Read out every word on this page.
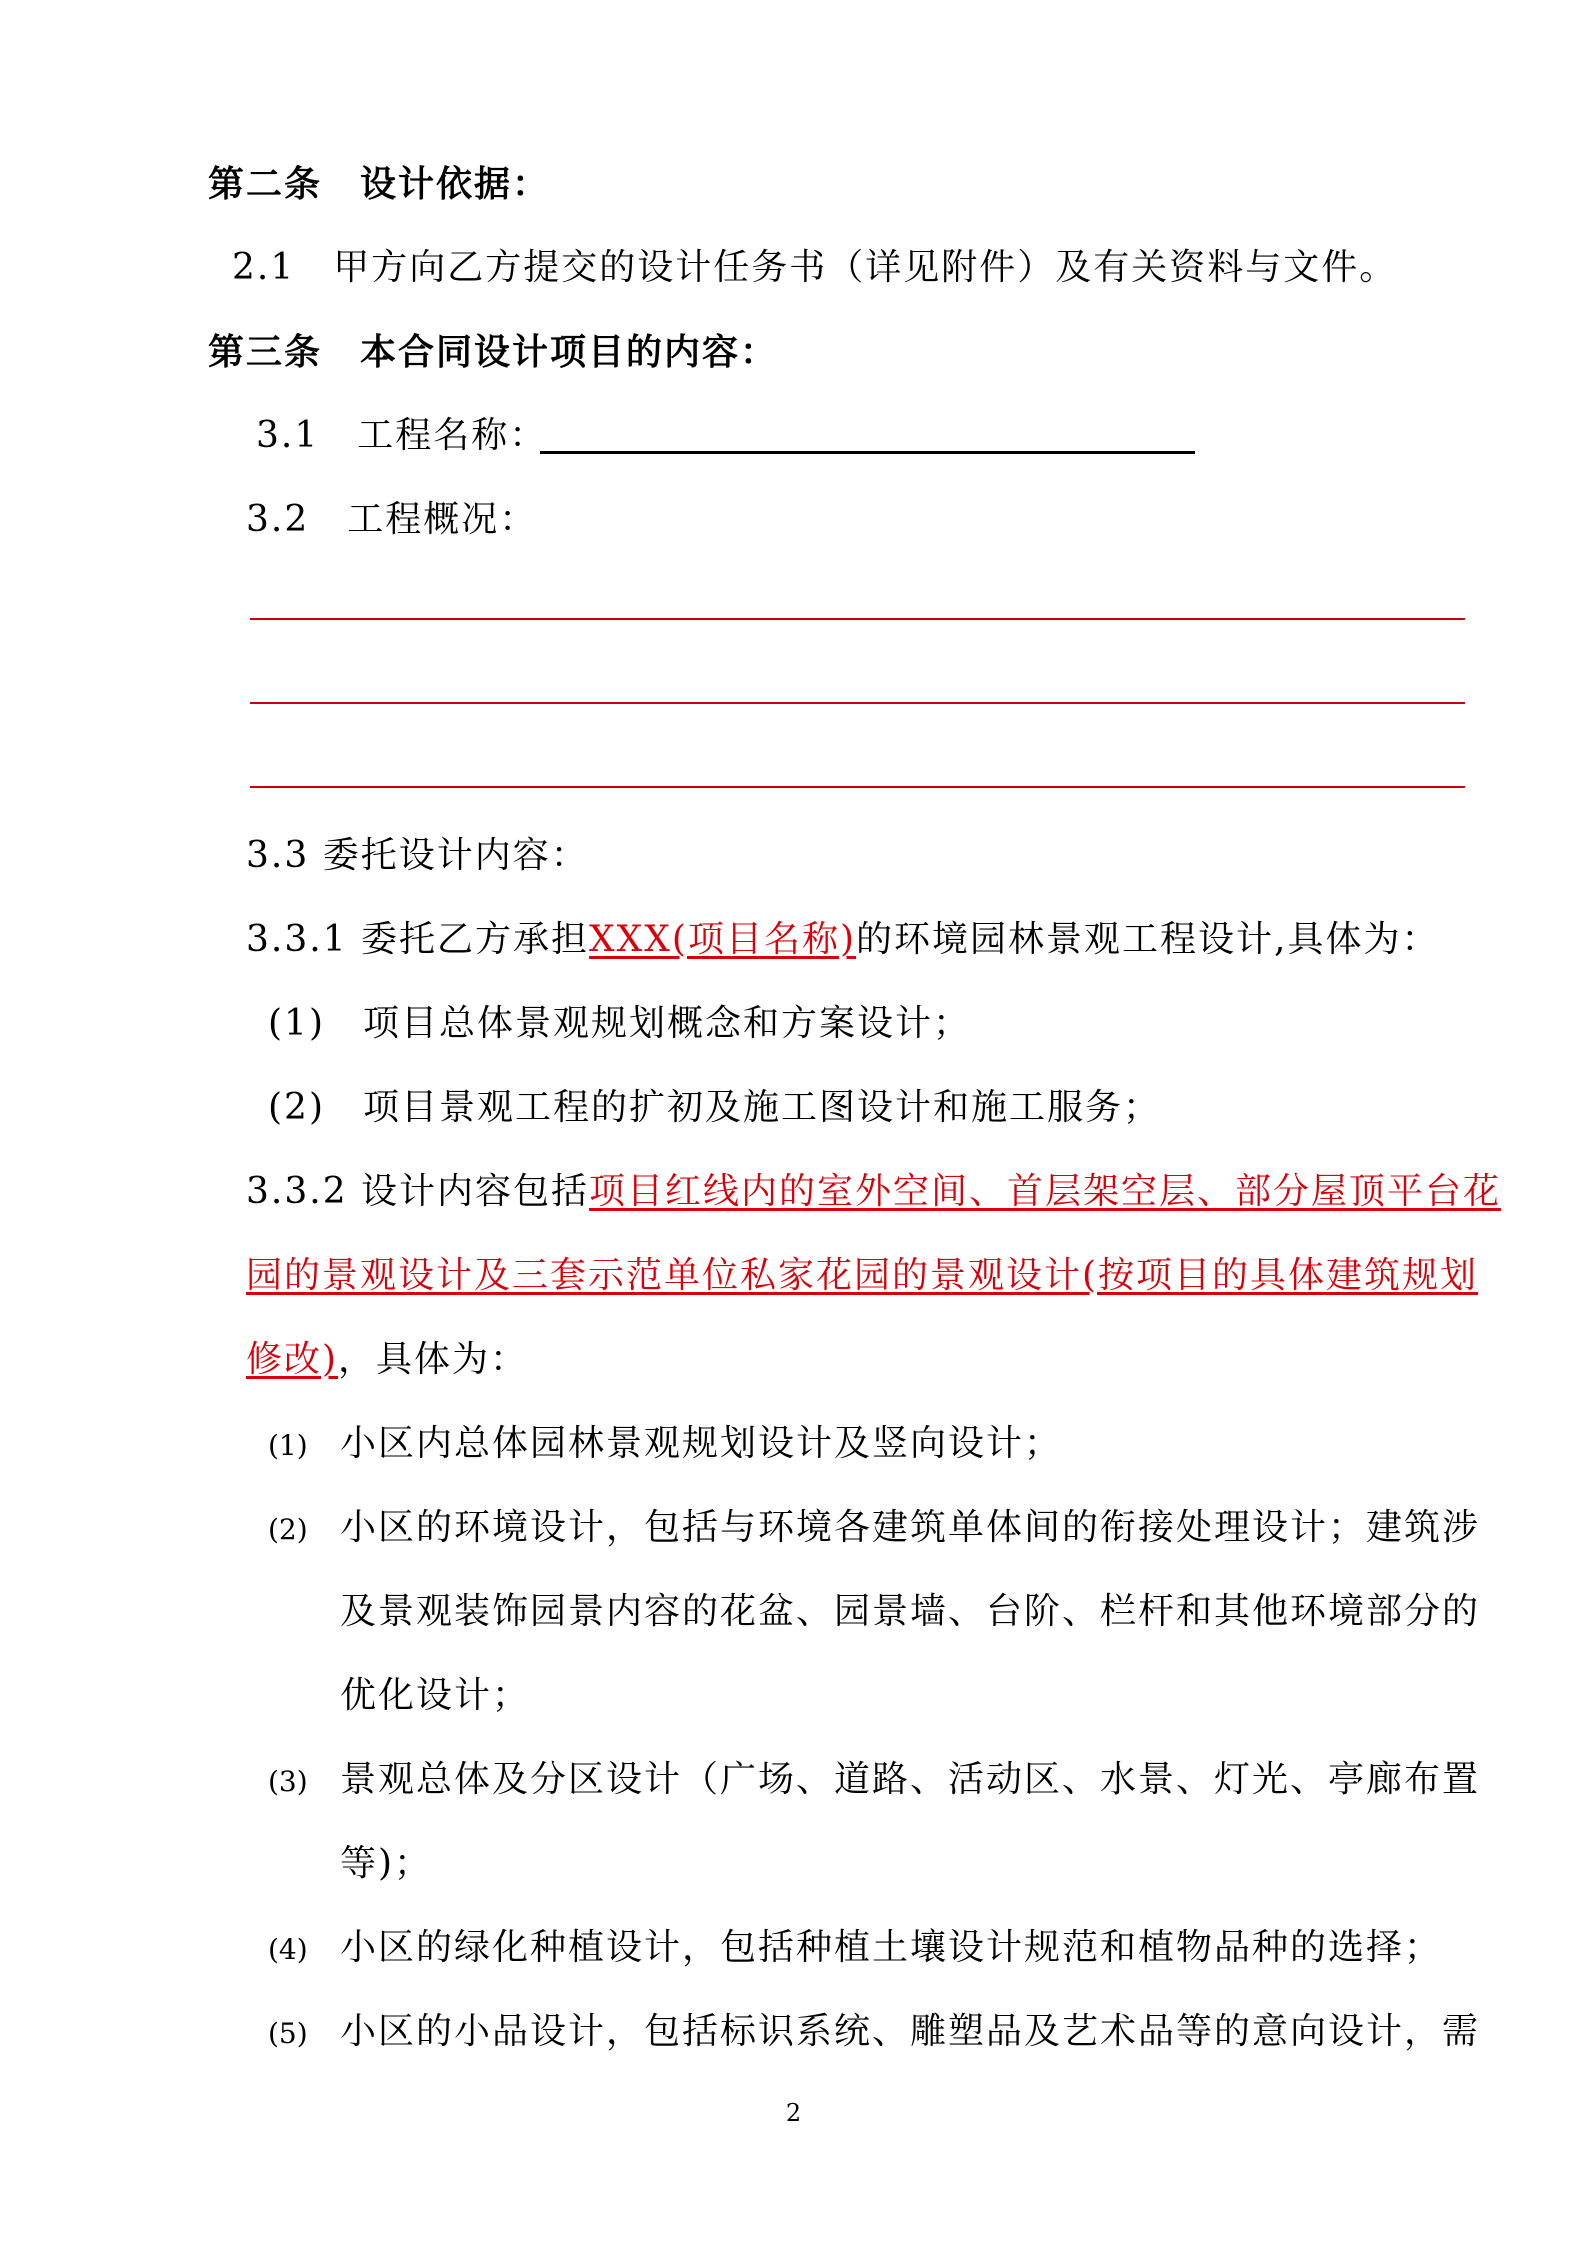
第二条　设计依据：
2.1　甲方向乙方提交的设计任务书（详见附件）及有关资料与文件。
第三条　本合同设计项目的内容：
3.1　工程名称：
3.2　工程概况：
3.3 委托设计内容：
3.3.1 委托乙方承担XXX(项目名称)的环境园林景观工程设计,具体为：
(1)　项目总体景观规划概念和方案设计；
(2)　项目景观工程的扩初及施工图设计和施工服务；
3.3.2 设计内容包括项目红线内的室外空间、首层架空层、部分屋顶平台花
园的景观设计及三套示范单位私家花园的景观设计(按项目的具体建筑规划
修改)，具体为：
(1) 小区内总体园林景观规划设计及竖向设计；
(2) 小区的环境设计，包括与环境各建筑单体间的衔接处理设计；建筑涉
及景观装饰园景内容的花盆、园景墙、台阶、栏杆和其他环境部分的
优化设计；
(3) 景观总体及分区设计（广场、道路、活动区、水景、灯光、亭廊布置
等)；
(4) 小区的绿化种植设计，包括种植土壤设计规范和植物品种的选择；
(5) 小区的小品设计，包括标识系统、雕塑品及艺术品等的意向设计，需
2
